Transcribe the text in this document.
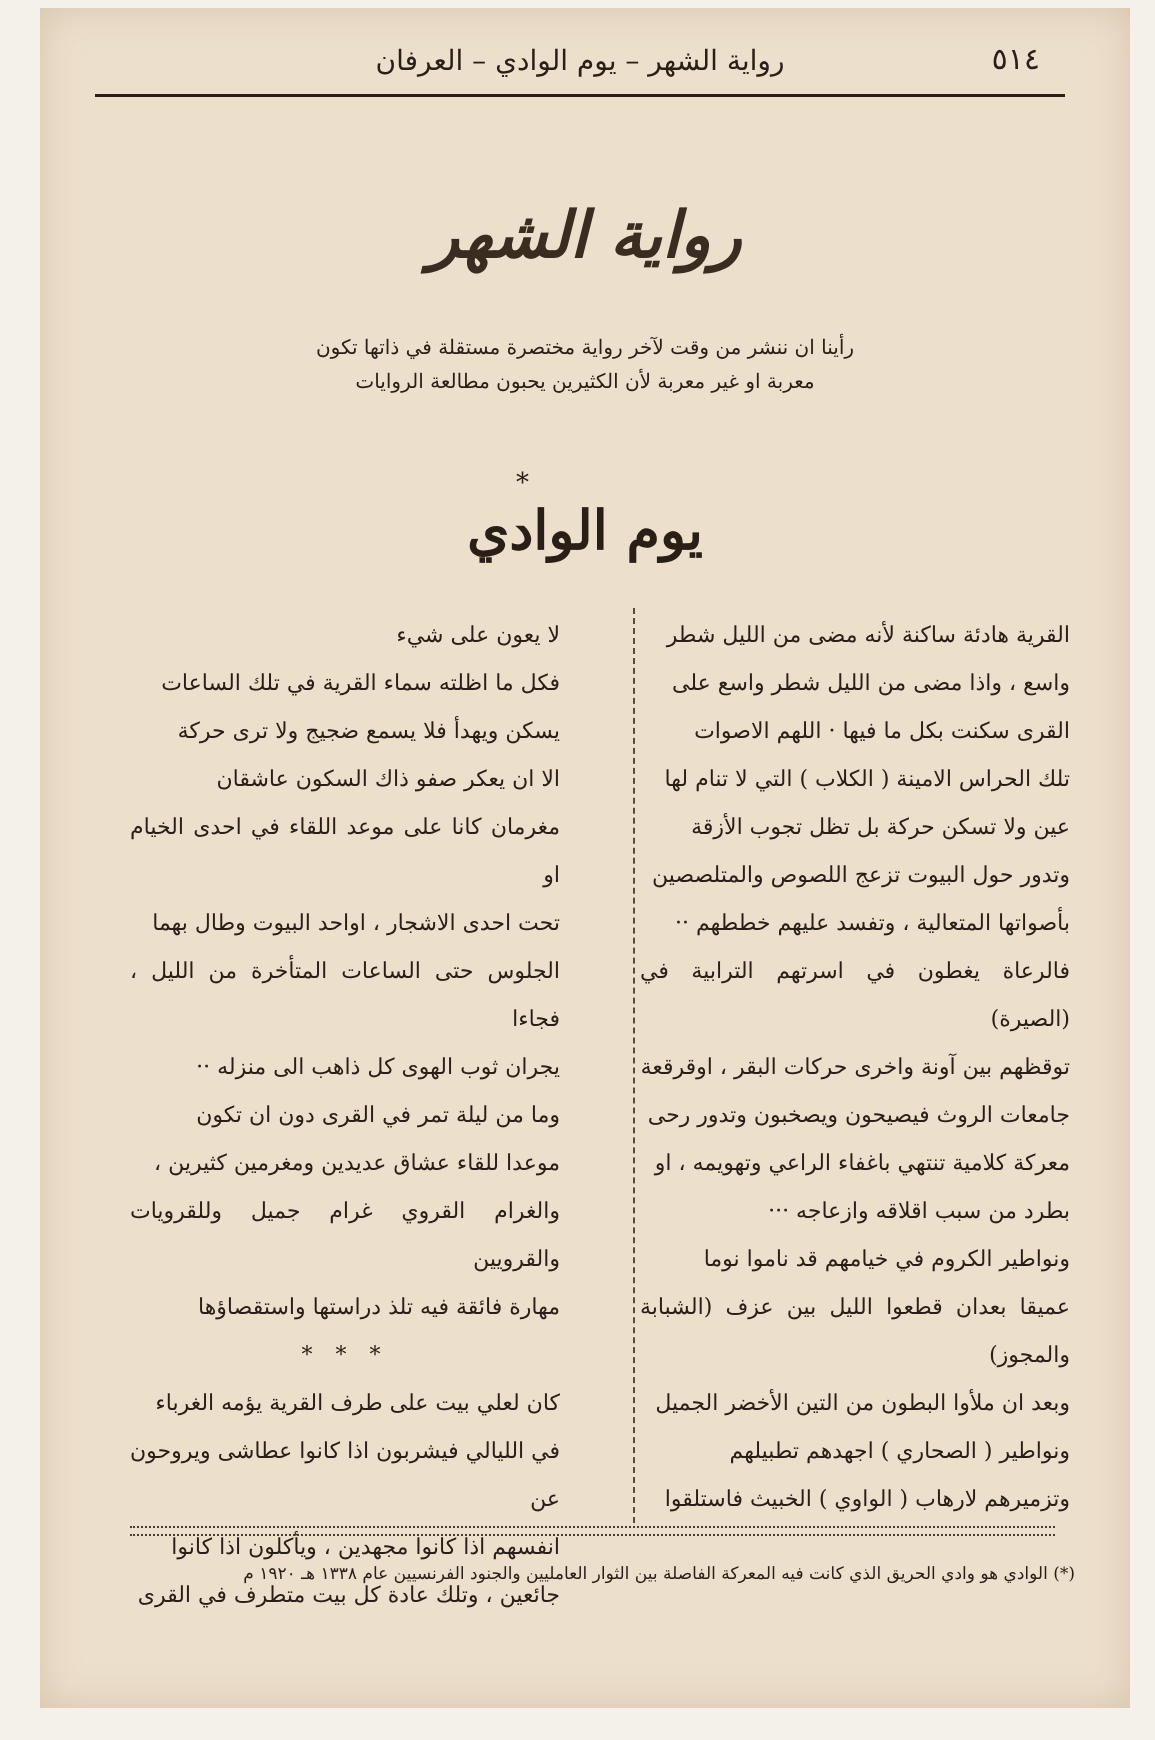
٥١٤
رواية الشهر – يوم الوادي – العرفان
رواية الشهر
رأينا ان ننشر من وقت لآخر رواية مختصرة مستقلة في ذاتها تكون
معربة او غير معربة لأن الكثيرين يحبون مطالعة الروايات
*
يوم الوادي
القرية هادئة ساكنة لأنه مضى من الليل شطر
واسع ، واذا مضى من الليل شطر واسع على
القرى سكنت بكل ما فيها · اللهم الاصوات
تلك الحراس الامينة ( الكلاب ) التي لا تنام لها
عين ولا تسكن حركة بل تظل تجوب الأزقة
وتدور حول البيوت تزعج اللصوص والمتلصصين
بأصواتها المتعالية ، وتفسد عليهم خططهم ··
فالرعاة يغطون في اسرتهم الترابية في (الصيرة)
توقظهم بين آونة واخرى حركات البقر ، اوقرقعة
جامعات الروث فيصيحون ويصخبون وتدور رحى
معركة كلامية تنتهي باغفاء الراعي وتهويمه ، او
بطرد من سبب اقلاقه وازعاجه ···
ونواطير الكروم في خيامهم قد ناموا نوما
عميقا بعدان قطعوا الليل بين عزف (الشبابة والمجوز)
وبعد ان ملأوا البطون من التين الأخضر الجميل
ونواطير ( الصحاري ) اجهدهم تطبيلهم
وتزميرهم لارهاب ( الواوي ) الخبيث فاستلقوا
لا يعون على شيء
فكل ما اظلته سماء القرية في تلك الساعات
يسكن ويهدأ فلا يسمع ضجيج ولا ترى حركة
الا ان يعكر صفو ذاك السكون عاشقان
مغرمان كانا على موعد اللقاء في احدى الخيام او
تحت احدى الاشجار ، اواحد البيوت وطال بهما
الجلوس حتى الساعات المتأخرة من الليل ، فجاءا
يجران ثوب الهوى كل ذاهب الى منزله ··
وما من ليلة تمر في القرى دون ان تكون
موعدا للقاء عشاق عديدين ومغرمين كثيرين ،
والغرام القروي غرام جميل وللقرويات والقرويين
مهارة فائقة فيه تلذ دراستها واستقصاؤها
* * *
كان لعلي بيت على طرف القرية يؤمه الغرباء
في الليالي فيشربون اذا كانوا عطاشى ويروحون عن
انفسهم اذا كانوا مجهدين ، ويأكلون اذا كانوا
جائعين ، وتلك عادة كل بيت متطرف في القرى
(*) الوادي هو وادي الحريق الذي كانت فيه المعركة الفاصلة بين الثوار العامليين والجنود الفرنسيين عام ١٣٣٨ هـ ١٩٢٠ م
